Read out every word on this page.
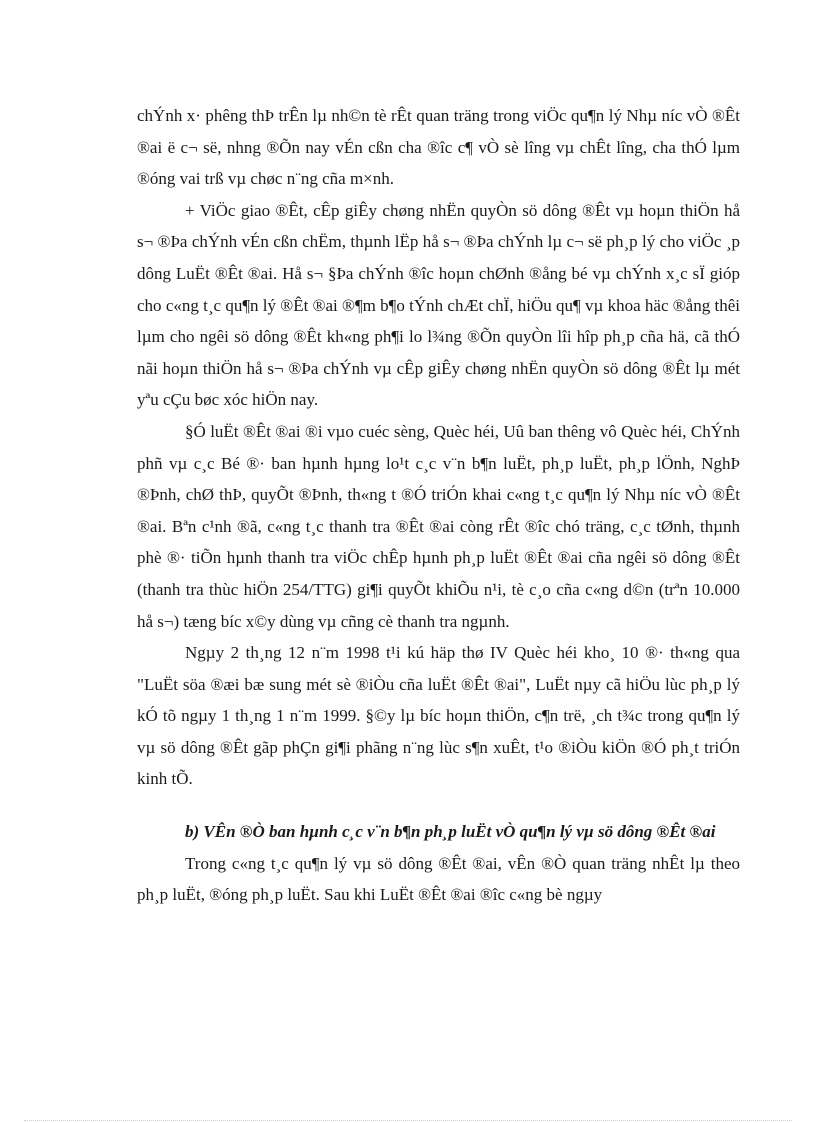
chÝnh x· phêng thÞ trÊn lµ nh©n tè rÊt quan träng trong viÖc qu¶n lý Nhµ níc vÒ ®Êt ®ai ë c¬ së, nhng ®Õn nay vÉn cßn cha ®îc c¶ vÒ sè lîng vµ chÊt lîng, cha thÓ lµm ®óng vai trß vµ chøc n¨ng cña m×nh.

+ ViÖc giao ®Êt, cÊp giÊy chøng nhËn quyÒn sö dông ®Êt vµ hoµn thiÖn hå s¬ ®Þa chÝnh vÉn cßn chËm, thµnh lËp hå s¬ ®Þa chÝnh lµ c¬ së ph¸p lý cho viÖc ¸p dông LuËt ®Êt ®ai. Hå s¬ §Þa chÝnh ®îc hoµn chØnh ®ång bé vµ chÝnh x¸c sÏ gióp cho c«ng t¸c qu¶n lý ®Êt ®ai ®¶m b¶o tÝnh chÆt chÏ, hiÖu qu¶ vµ khoa häc ®ång thêi lµm cho ngêi sö dông ®Êt kh«ng ph¶i lo l¾ng ®Õn quyÒn lîi hîp ph¸p cña hä, cã thÓ nãi hoµn thiÖn hå s¬ ®Þa chÝnh vµ cÊp giÊy chøng nhËn quyÒn sö dông ®Êt lµ mét yªu cÇu bøc xóc hiÖn nay.

§Ó luËt ®Êt ®ai ®i vµo cuéc sèng, Quèc héi, Uû ban thêng vô Quèc héi, ChÝnh phñ vµ c¸c Bé ®· ban hµnh hµng lo¹t c¸c v¨n b¶n luËt, ph¸p luËt, ph¸p lÖnh, NghÞ ®Þnh, chØ thÞ, quyÕt ®Þnh, th«ng t ®Ó triÓn khai c«ng t¸c qu¶n lý Nhµ níc vÒ ®Êt ®ai. Bªn c¹nh ®ã, c«ng t¸c thanh tra ®Êt ®ai còng rÊt ®îc chó träng, c¸c tØnh, thµnh phè ®· tiÕn hµnh thanh tra viÖc chÊp hµnh ph¸p luËt ®Êt ®ai cña ngêi sö dông ®Êt (thanh tra thùc hiÖn 254/TTG) gi¶i quyÕt khiÕu n¹i, tè c¸o cña c«ng d©n (trªn 10.000 hå s¬) tæng bíc x©y dùng vµ cñng cè thanh tra ngµnh.

Ngµy 2 th¸ng 12 n¨m 1998 t¹i kú häp thø IV Quèc héi kho¸ 10 ®· th«ng qua "LuËt söa ®æi bæ sung mét sè ®iÒu cña luËt ®Êt ®ai", LuËt nµy cã hiÖu lùc ph¸p lý kÓ tõ ngµy 1 th¸ng 1 n¨m 1999. §©y lµ bíc hoµn thiÖn, c¶n trë, ¸ch t¾c trong qu¶n lý vµ sö dông ®Êt gãp phÇn gi¶i phãng n¨ng lùc s¶n xuÊt, t¹o ®iÒu kiÖn ®Ó ph¸t triÓn kinh tÕ.

b) VÊn ®Ò ban hµnh c¸c v¨n b¶n ph¸p luËt vÒ qu¶n lý vµ sö dông ®Êt ®ai

Trong c«ng t¸c qu¶n lý vµ sö dông ®Êt ®ai, vÊn ®Ò quan träng nhÊt lµ theo ph¸p luËt, ®óng ph¸p luËt. Sau khi LuËt ®Êt ®ai ®îc c«ng bè ngµy
